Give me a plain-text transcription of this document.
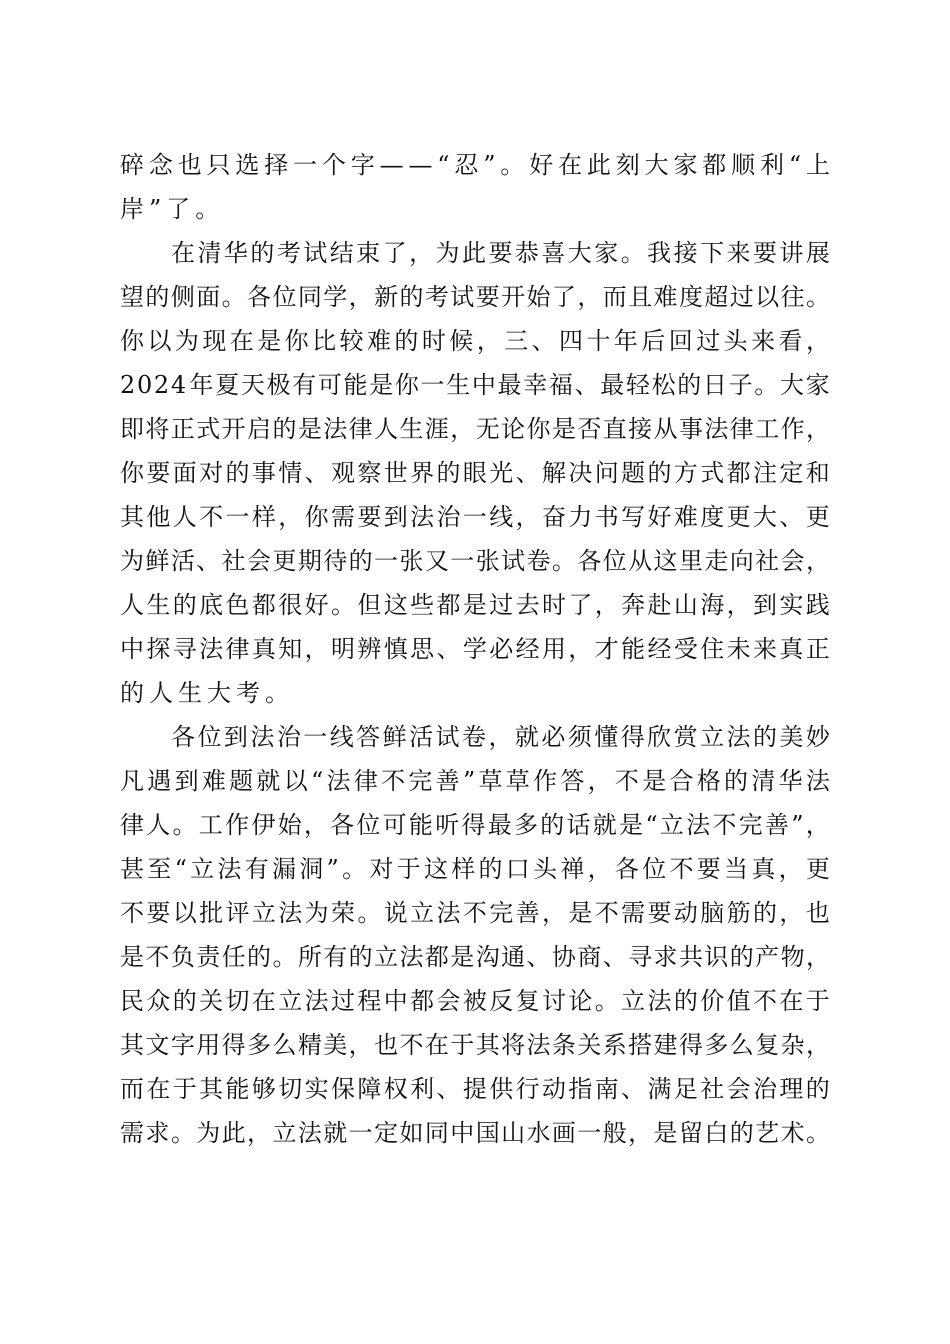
碎 念 也 只 选 择 一 个 字 — — “ 忍 ” 。 好 在 此 刻 大 家 都 顺 利 “ 上
岸”了。
在 清 华 的 考 试 结 束 了 ， 为 此 要 恭 喜 大 家 。 我 接 下 来 要 讲 展
望 的 侧 面 。 各 位 同 学 ， 新 的 考 试 要 开 始 了 ， 而 且 难 度 超 过 以 往 。
你 以 为 现 在 是 你 比 较 难 的 时 候 ， 三 、 四 十 年 后 回 过 头 来 看 ，
2 0 2 4 年 夏 天 极 有 可 能 是 你 一 生 中 最 幸 福 、 最 轻 松 的 日 子 。 大 家
即 将 正 式 开 启 的 是 法 律 人 生 涯 ， 无 论 你 是 否 直 接 从 事 法 律 工 作 ，
你 要 面 对 的 事 情 、 观 察 世 界 的 眼 光 、 解 决 问 题 的 方 式 都 注 定 和
其 他 人 不 一 样 ， 你 需 要 到 法 治 一 线 ， 奋 力 书 写 好 难 度 更 大 、 更
为 鲜 活 、 社 会 更 期 待 的 一 张 又 一 张 试 卷 。 各 位 从 这 里 走 向 社 会 ，
人 生 的 底 色 都 很 好 。 但 这 些 都 是 过 去 时 了 ， 奔 赴 山 海 ， 到 实 践
中 探 寻 法 律 真 知 ， 明 辨 慎 思 、 学 必 经 用 ， 才 能 经 受 住 未 来 真 正
的人生大考。
各 位 到 法 治 一 线 答 鲜 活 试 卷 ， 就 必 须 懂 得 欣 赏 立 法 的 美 妙
凡 遇 到 难 题 就 以 “ 法 律 不 完 善 ” 草 草 作 答 ， 不 是 合 格 的 清 华 法
律 人 。 工 作 伊 始 ， 各 位 可 能 听 得 最 多 的 话 就 是 “ 立 法 不 完 善 ” ，
甚 至 “ 立 法 有 漏 洞 ” 。 对 于 这 样 的 口 头 禅 ， 各 位 不 要 当 真 ， 更
不 要 以 批 评 立 法 为 荣 。 说 立 法 不 完 善 ， 是 不 需 要 动 脑 筋 的 ， 也
是 不 负 责 任 的 。 所 有 的 立 法 都 是 沟 通 、 协 商 、 寻 求 共 识 的 产 物 ，
民 众 的 关 切 在 立 法 过 程 中 都 会 被 反 复 讨 论 。 立 法 的 价 值 不 在 于
其 文 字 用 得 多 么 精 美 ， 也 不 在 于 其 将 法 条 关 系 搭 建 得 多 么 复 杂 ，
而 在 于 其 能 够 切 实 保 障 权 利 、 提 供 行 动 指 南 、 满 足 社 会 治 理 的
需 求 。 为 此 ， 立 法 就 一 定 如 同 中 国 山 水 画 一 般 ， 是 留 白 的 艺 术 。
